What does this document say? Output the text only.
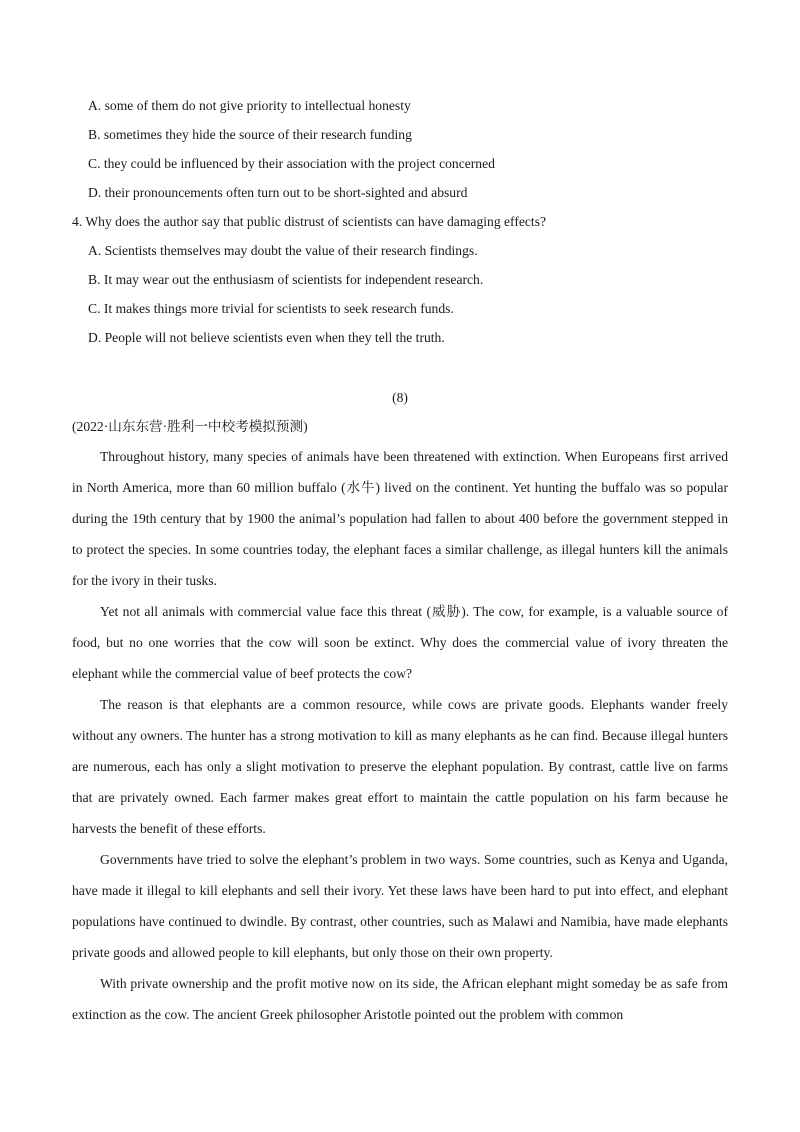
A. some of them do not give priority to intellectual honesty
B. sometimes they hide the source of their research funding
C. they could be influenced by their association with the project concerned
D. their pronouncements often turn out to be short-sighted and absurd
4. Why does the author say that public distrust of scientists can have damaging effects?
A. Scientists themselves may doubt the value of their research findings.
B. It may wear out the enthusiasm of scientists for independent research.
C. It makes things more trivial for scientists to seek research funds.
D. People will not believe scientists even when they tell the truth.
(8)
(2022·山东东营·胜利一中校考模拟预测)
Throughout history, many species of animals have been threatened with extinction. When Europeans first arrived in North America, more than 60 million buffalo (水牛) lived on the continent. Yet hunting the buffalo was so popular during the 19th century that by 1900 the animal’s population had fallen to about 400 before the government stepped in to protect the species. In some countries today, the elephant faces a similar challenge, as illegal hunters kill the animals for the ivory in their tusks.
Yet not all animals with commercial value face this threat (威胁). The cow, for example, is a valuable source of food, but no one worries that the cow will soon be extinct. Why does the commercial value of ivory threaten the elephant while the commercial value of beef protects the cow?
The reason is that elephants are a common resource, while cows are private goods. Elephants wander freely without any owners. The hunter has a strong motivation to kill as many elephants as he can find. Because illegal hunters are numerous, each has only a slight motivation to preserve the elephant population. By contrast, cattle live on farms that are privately owned. Each farmer makes great effort to maintain the cattle population on his farm because he harvests the benefit of these efforts.
Governments have tried to solve the elephant’s problem in two ways. Some countries, such as Kenya and Uganda, have made it illegal to kill elephants and sell their ivory. Yet these laws have been hard to put into effect, and elephant populations have continued to dwindle. By contrast, other countries, such as Malawi and Namibia, have made elephants private goods and allowed people to kill elephants, but only those on their own property.
With private ownership and the profit motive now on its side, the African elephant might someday be as safe from extinction as the cow. The ancient Greek philosopher Aristotle pointed out the problem with common
